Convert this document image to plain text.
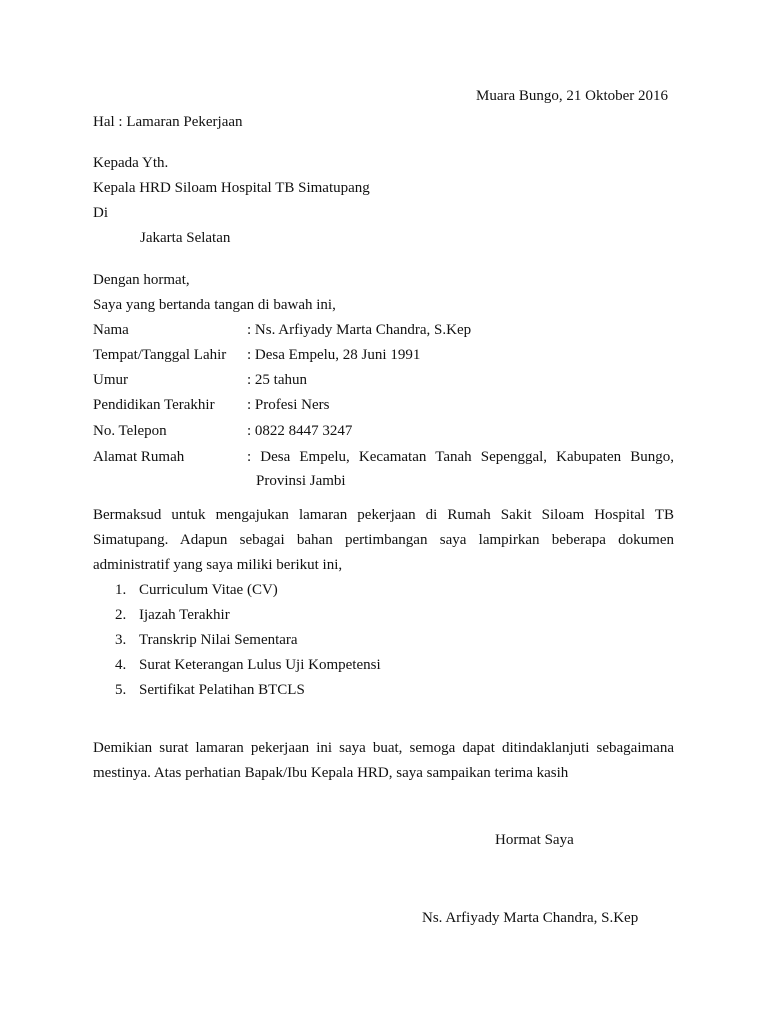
Muara Bungo, 21 Oktober 2016
Hal : Lamaran Pekerjaan
Kepada Yth.
Kepala HRD Siloam Hospital TB Simatupang
Di
Jakarta Selatan
Dengan hormat,
Saya yang bertanda tangan di bawah ini,
Nama	: Ns. Arfiyady Marta Chandra, S.Kep
Tempat/Tanggal Lahir : Desa Empelu, 28 Juni 1991
Umur	: 25 tahun
Pendidikan Terakhir : Profesi Ners
No. Telepon	: 0822 8447 3247
Alamat Rumah	: Desa Empelu, Kecamatan Tanah Sepenggal, Kabupaten Bungo,
Provinsi Jambi
Bermaksud untuk mengajukan lamaran pekerjaan di Rumah Sakit Siloam Hospital TB
Simatupang. Adapun sebagai bahan pertimbangan saya lampirkan beberapa dokumen
administratif yang saya miliki berikut ini,
1. Curriculum Vitae (CV)
2. Ijazah Terakhir
3. Transkrip Nilai Sementara
4. Surat Keterangan Lulus Uji Kompetensi
5. Sertifikat Pelatihan BTCLS
Demikian surat lamaran pekerjaan ini saya buat, semoga dapat ditindaklanjuti sebagaimana
mestinya. Atas perhatian Bapak/Ibu Kepala HRD, saya sampaikan terima kasih
Hormat Saya
Ns. Arfiyady Marta Chandra, S.Kep
